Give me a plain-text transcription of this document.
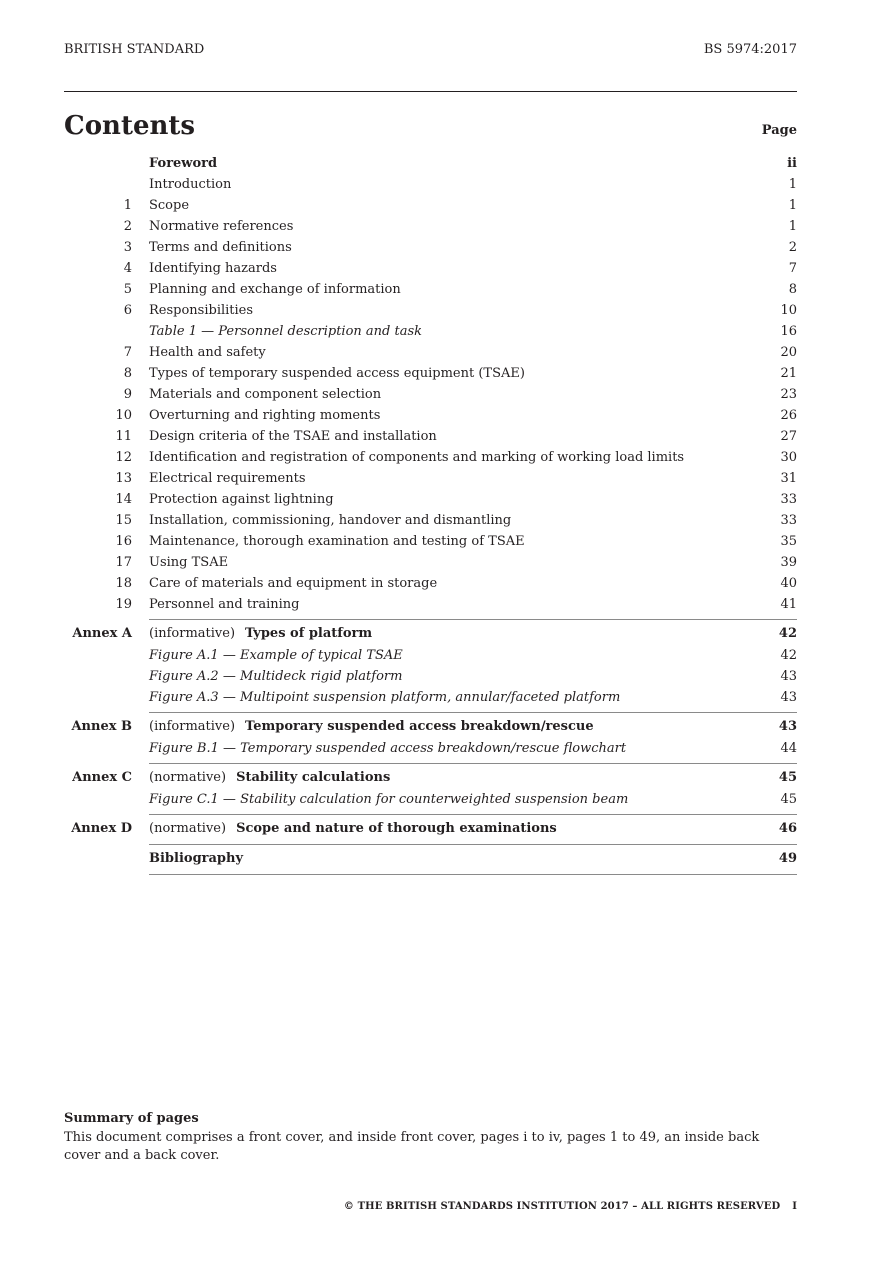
BRITISH STANDARD	BS 5974:2017
Contents	Page
Foreword	ii
Introduction	1
1	Scope	1
2	Normative references	1
3	Terms and definitions	2
4	Identifying hazards	7
5	Planning and exchange of information	8
6	Responsibilities	10
Table 1 — Personnel description and task	16
7	Health and safety	20
8	Types of temporary suspended access equipment (TSAE)	21
9	Materials and component selection	23
10	Overturning and righting moments	26
11	Design criteria of the TSAE and installation	27
12	Identification and registration of components and marking of working load limits	30
13	Electrical requirements	31
14	Protection against lightning	33
15	Installation, commissioning, handover and dismantling	33
16	Maintenance, thorough examination and testing of TSAE	35
17	Using TSAE	39
18	Care of materials and equipment in storage	40
19	Personnel and training	41
Annex A	(informative) Types of platform	42
Figure A.1 — Example of typical TSAE	42
Figure A.2 — Multideck rigid platform	43
Figure A.3 — Multipoint suspension platform, annular/faceted platform	43
Annex B	(informative) Temporary suspended access breakdown/rescue	43
Figure B.1 — Temporary suspended access breakdown/rescue flowchart	44
Annex C	(normative) Stability calculations	45
Figure C.1 — Stability calculation for counterweighted suspension beam	45
Annex D	(normative) Scope and nature of thorough examinations	46
Bibliography	49
Summary of pages
This document comprises a front cover, and inside front cover, pages i to iv, pages 1 to 49, an inside back cover and a back cover.
© THE BRITISH STANDARDS INSTITUTION 2017 – ALL RIGHTS RESERVED I
